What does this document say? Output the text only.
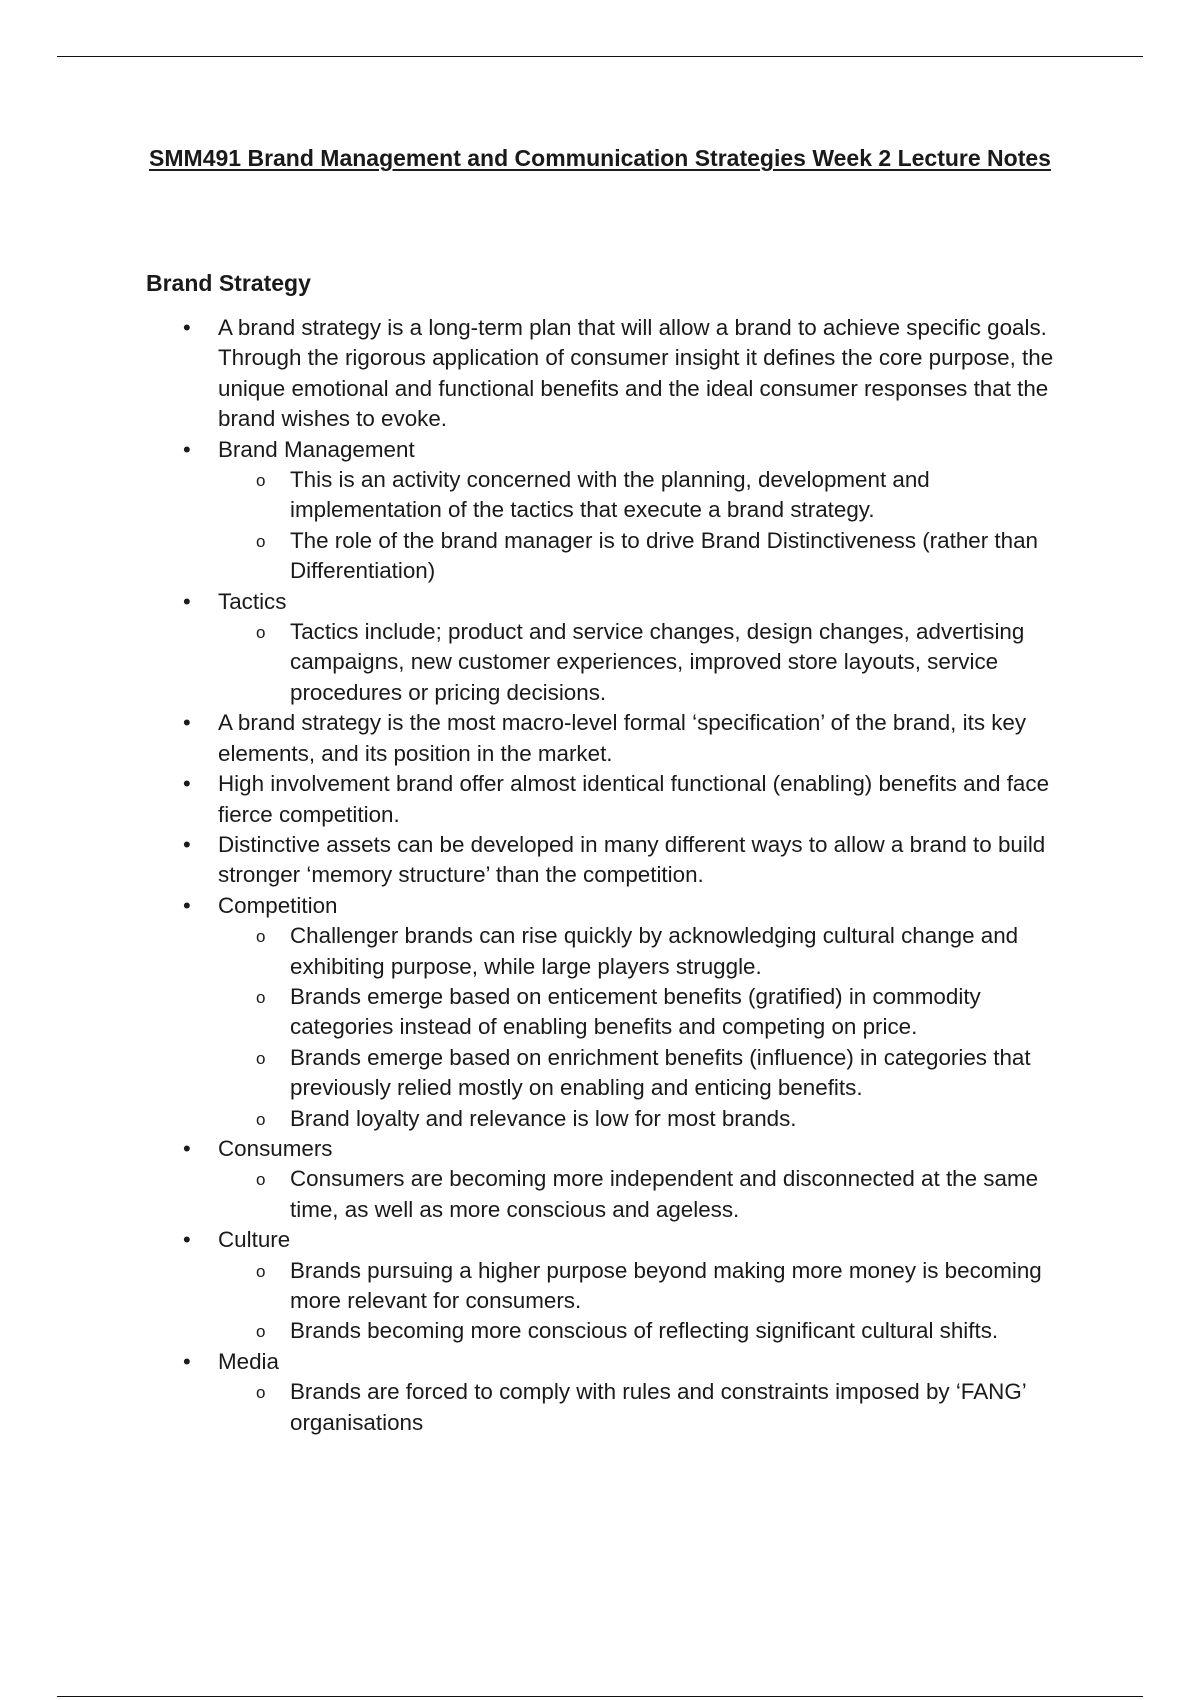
SMM491 Brand Management and Communication Strategies Week 2 Lecture Notes
Brand Strategy
• A brand strategy is a long-term plan that will allow a brand to achieve specific goals. Through the rigorous application of consumer insight it defines the core purpose, the unique emotional and functional benefits and the ideal consumer responses that the brand wishes to evoke.
• Brand Management
o This is an activity concerned with the planning, development and implementation of the tactics that execute a brand strategy.
o The role of the brand manager is to drive Brand Distinctiveness (rather than Differentiation)
• Tactics
o Tactics include; product and service changes, design changes, advertising campaigns, new customer experiences, improved store layouts, service procedures or pricing decisions.
• A brand strategy is the most macro-level formal ‘specification’ of the brand, its key elements, and its position in the market.
• High involvement brand offer almost identical functional (enabling) benefits and face fierce competition.
• Distinctive assets can be developed in many different ways to allow a brand to build stronger ‘memory structure’ than the competition.
• Competition
o Challenger brands can rise quickly by acknowledging cultural change and exhibiting purpose, while large players struggle.
o Brands emerge based on enticement benefits (gratified) in commodity categories instead of enabling benefits and competing on price.
o Brands emerge based on enrichment benefits (influence) in categories that previously relied mostly on enabling and enticing benefits.
o Brand loyalty and relevance is low for most brands.
• Consumers
o Consumers are becoming more independent and disconnected at the same time, as well as more conscious and ageless.
• Culture
o Brands pursuing a higher purpose beyond making more money is becoming more relevant for consumers.
o Brands becoming more conscious of reflecting significant cultural shifts.
• Media
o Brands are forced to comply with rules and constraints imposed by ‘FANG’ organisations
